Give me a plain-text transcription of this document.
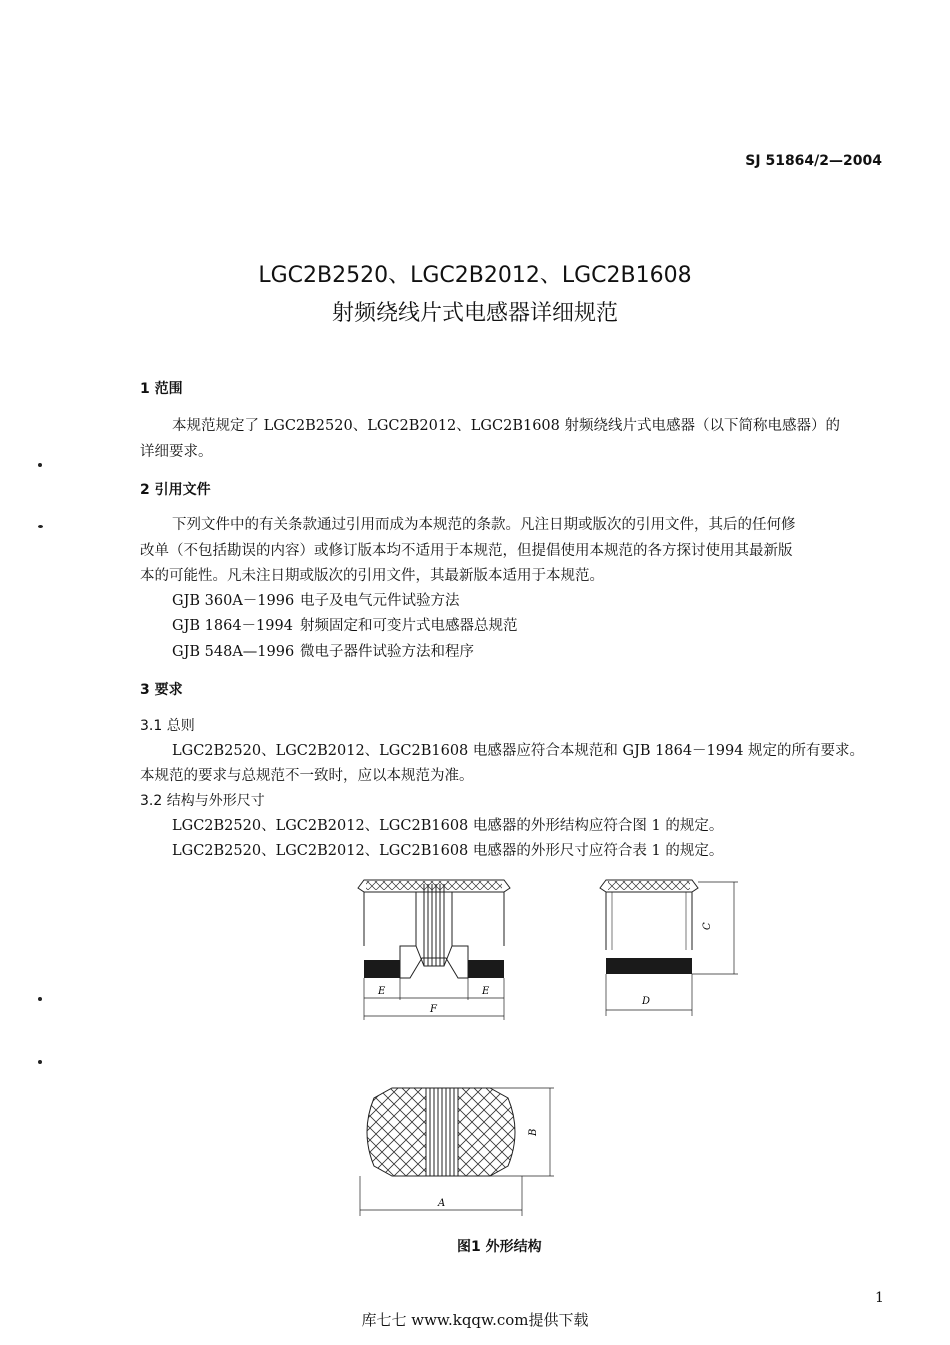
SJ 51864/2—2004
LGC2B2520、LGC2B2012、LGC2B1608
射频绕线片式电感器详细规范
1 范围
本规范规定了 LGC2B2520、LGC2B2012、LGC2B1608 射频绕线片式电感器（以下简称电感器）的
详细要求。
2 引用文件
下列文件中的有关条款通过引用而成为本规范的条款。凡注日期或版次的引用文件，其后的任何修
改单（不包括勘误的内容）或修订版本均不适用于本规范，但提倡使用本规范的各方探讨使用其最新版
本的可能性。凡未注日期或版次的引用文件，其最新版本适用于本规范。
GJB 360A－1996 电子及电气元件试验方法
GJB 1864－1994 射频固定和可变片式电感器总规范
GJB 548A—1996 微电子器件试验方法和程序
3 要求
3.1 总则
LGC2B2520、LGC2B2012、LGC2B1608 电感器应符合本规范和 GJB 1864－1994 规定的所有要求。
本规范的要求与总规范不一致时，应以本规范为准。
3.2 结构与外形尺寸
LGC2B2520、LGC2B2012、LGC2B1608 电感器的外形结构应符合图 1 的规定。
LGC2B2520、LGC2B2012、LGC2B1608 电感器的外形尺寸应符合表 1 的规定。
E
F
E
C
D
B
A
图1 外形结构
1
库七七 www.kqqw.com提供下载
